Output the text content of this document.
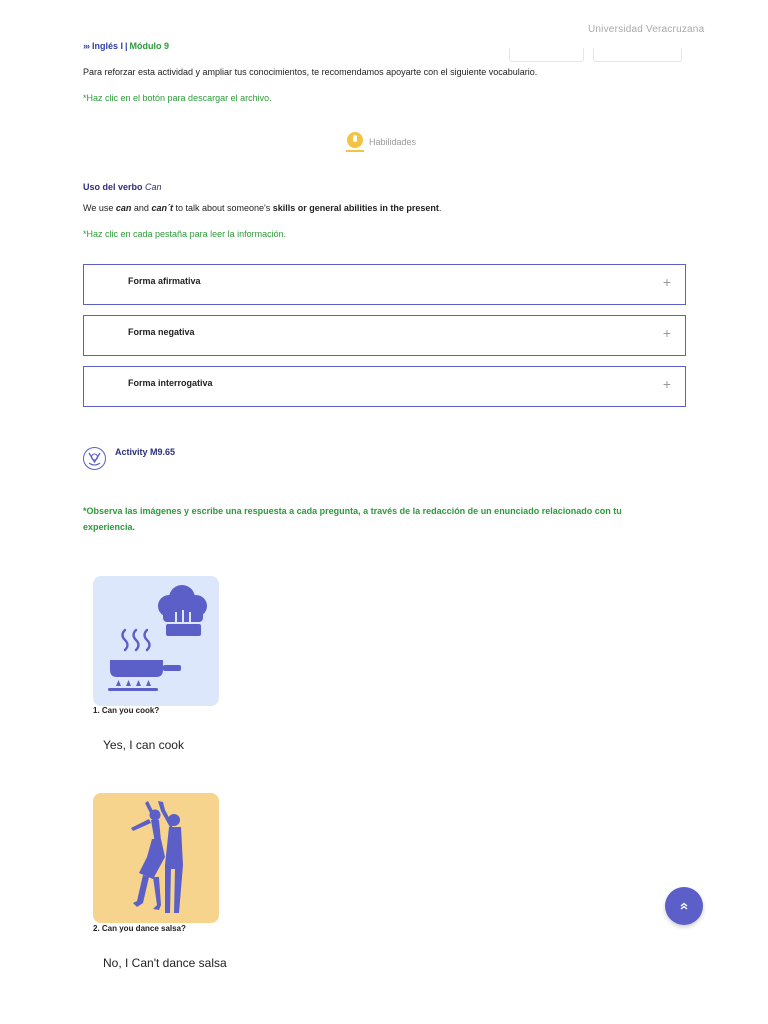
Universidad Veracruzana
››› Inglés I | Módulo 9
Para reforzar esta actividad y ampliar tus conocimientos, te recomendamos apoyarte con el siguiente vocabulario.
*Haz clic en el botón para descargar el archivo.
Habilidades
Uso del verbo Can
We use can and can´t to talk about someone's skills or general abilities in the present.
*Haz clic en cada pestaña para leer la información.
Forma afirmativa	+
Forma negativa	+
Forma interrogativa	+
Activity M9.65
*Observa las imágenes y escribe una respuesta a cada pregunta, a través de la redacción de un enunciado relacionado con tu experiencia.
1. Can you cook?
Yes, I can cook
2. Can you dance salsa?
No, I Can't dance salsa
